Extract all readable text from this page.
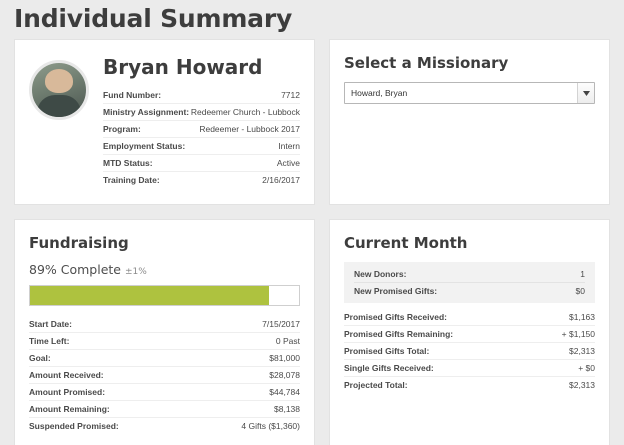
Individual Summary
Bryan Howard
Fund Number:	7712
Ministry Assignment:	Redeemer Church - Lubbock
Program:	Redeemer - Lubbock 2017
Employment Status:	Intern
MTD Status:	Active
Training Date:	2/16/2017
Select a Missionary
Howard, Bryan
Fundraising
89% Complete ±1%
Start Date:	7/15/2017
Time Left:	0 Past
Goal:	$81,000
Amount Received:	$28,078
Amount Promised:	$44,784
Amount Remaining:	$8,138
Suspended Promised:	4 Gifts ($1,360)
Current Month
New Donors:	1
New Promised Gifts:	$0
Promised Gifts Received:	$1,163
Promised Gifts Remaining:	+ $1,150
Promised Gifts Total:	$2,313
Single Gifts Received:	+ $0
Projected Total:	$2,313
